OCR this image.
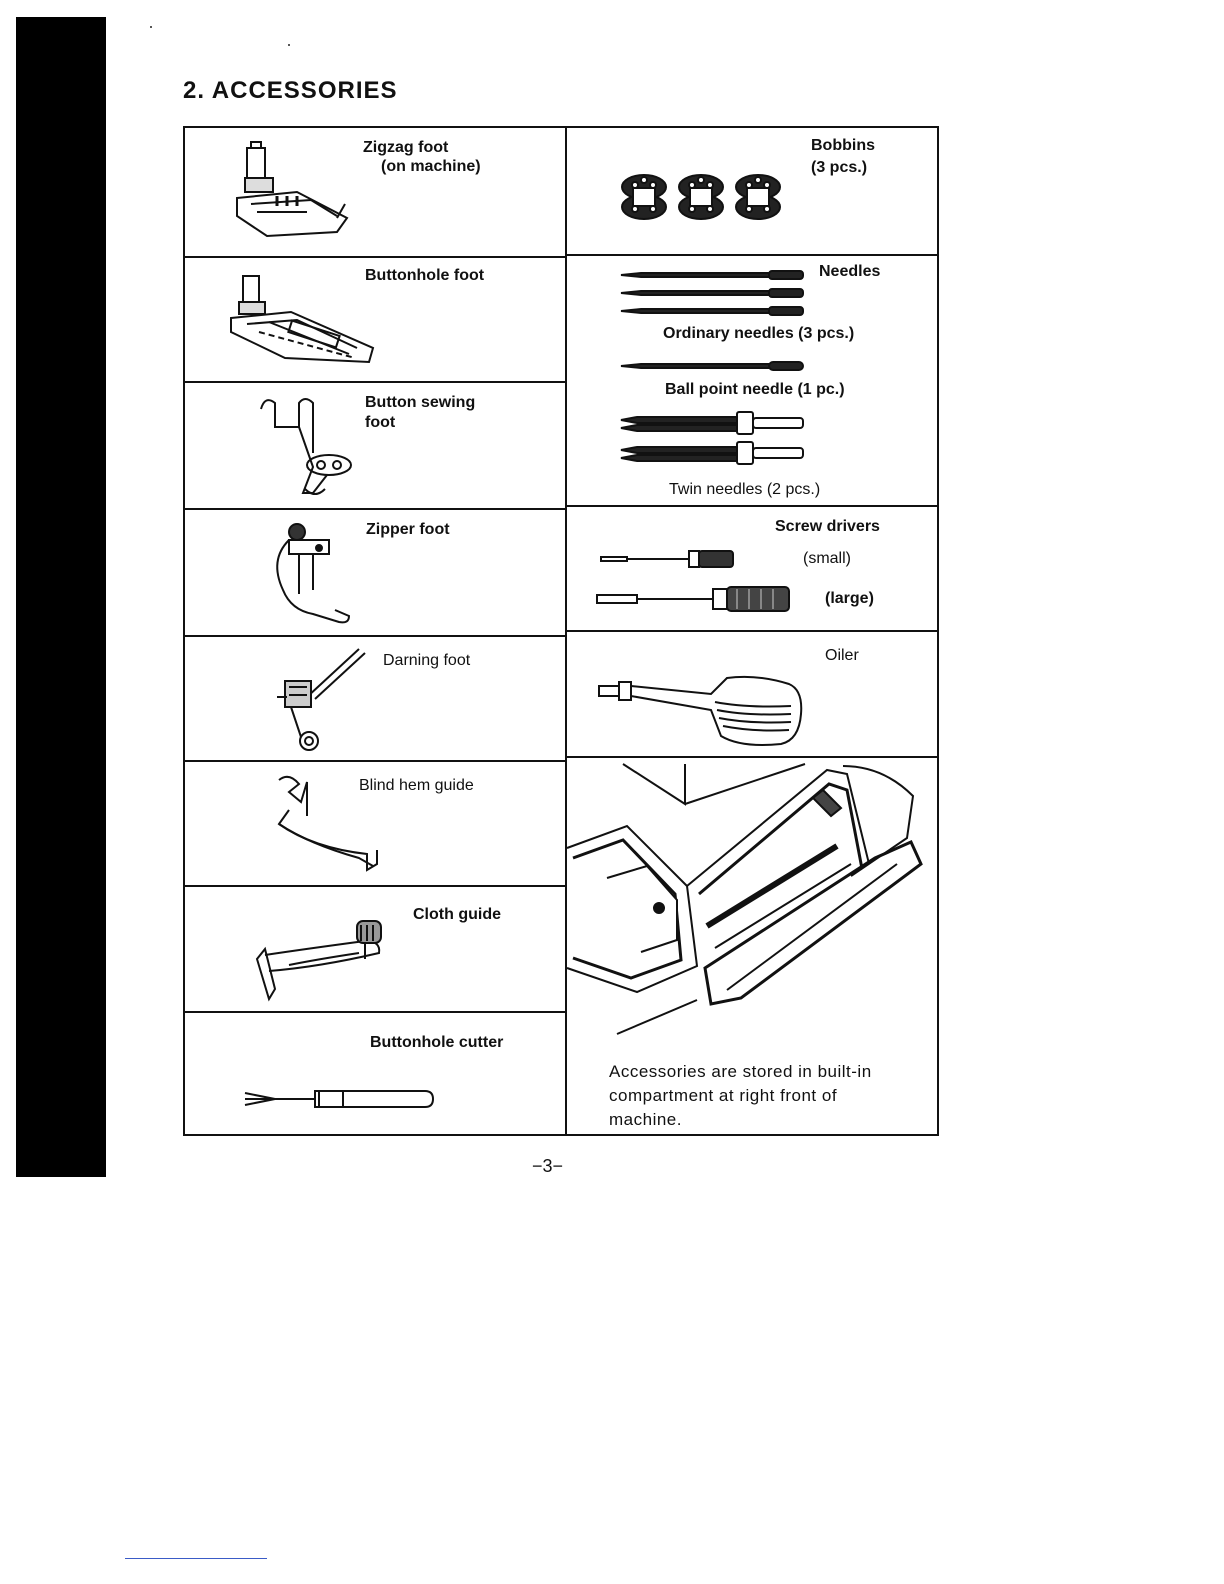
2. ACCESSORIES
Zigzag foot
(on machine)
Buttonhole foot
Button sewing
foot
Zipper foot
Darning foot
Blind hem guide
Cloth guide
Buttonhole cutter
Bobbins
(3 pcs.)
Needles
Ordinary needles (3 pcs.)
Ball point needle (1 pc.)
Twin needles (2 pcs.)
Screw drivers
(small)
(large)
Oiler
Accessories are stored in built-in
compartment at right front of
machine.
−3−
